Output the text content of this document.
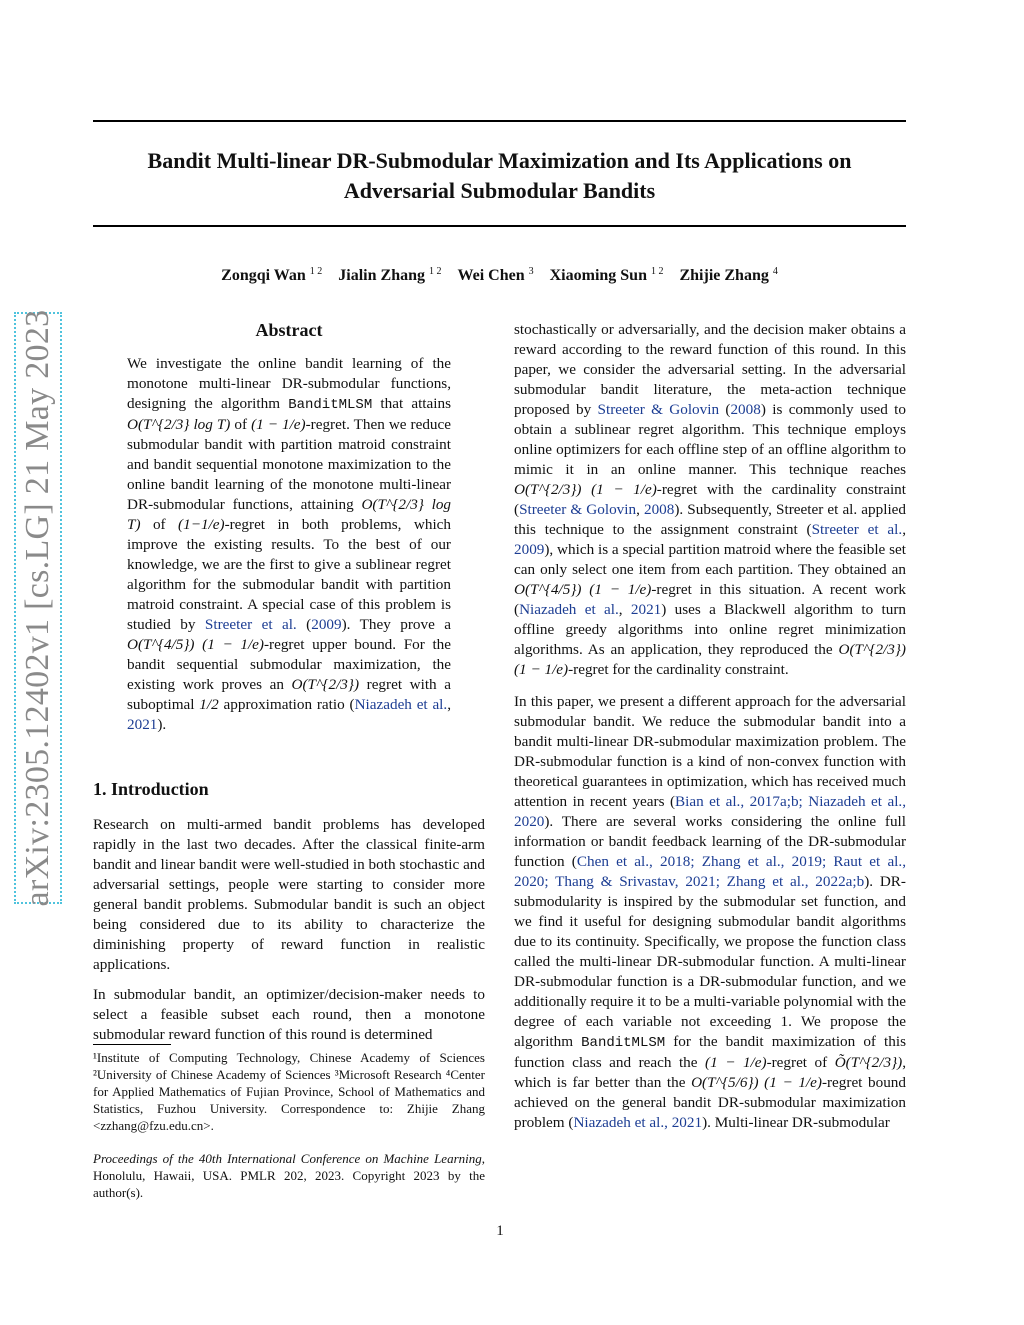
Bandit Multi-linear DR-Submodular Maximization and Its Applications on
Adversarial Submodular Bandits
Zongqi Wan $^{1 2}$ Jialin Zhang $^{1 2}$ Wei Chen $^3$ Xiaoming Sun $^{1 2}$ Zhijie Zhang $^4$
arXiv:2305.12402v1 [cs.LG] 21 May 2023	Abstract

We investigate the online bandit learning of the monotone multi-linear DR-submodular functions, designing the algorithm BanditMLSM that attains O(T^{2/3} log T) of (1 − 1/e)-regret. Then we reduce submodular bandit with partition matroid constraint and bandit sequential monotone maximization to the online bandit learning of the monotone multi-linear DR-submodular functions, attaining O(T^{2/3} log T) of (1−1/e)-regret in both problems, which improve the existing results. To the best of our knowledge, we are the first to give a sublinear regret algorithm for the submodular bandit with partition matroid constraint. A special case of this problem is studied by Streeter et al. (2009). They prove a O(T^{4/5}) (1 − 1/e)-regret upper bound. For the bandit sequential submodular maximization, the existing work proves an O(T^{2/3}) regret with a suboptimal 1/2 approximation ratio (Niazadeh et al., 2021).

1. Introduction

Research on multi-armed bandit problems has developed rapidly in the last two decades. After the classical finite-arm bandit and linear bandit were well-studied in both stochastic and adversarial settings, people were starting to consider more general bandit problems. Submodular bandit is such an object being considered due to its ability to characterize the diminishing property of reward function in realistic applications.

In submodular bandit, an optimizer/decision-maker needs to select a feasible subset each round, then a monotone submodular reward function of this round is determined

stochastically or adversarially, and the decision maker obtains a reward according to the reward function of this round. In this paper, we consider the adversarial setting. In the adversarial submodular bandit literature, the meta-action technique proposed by Streeter & Golovin (2008) is commonly used to obtain a sublinear regret algorithm. This technique employs online optimizers for each offline step of an offline algorithm to mimic it in an online manner. This technique reaches O(T^{2/3}) (1 − 1/e)-regret with the cardinality constraint (Streeter & Golovin, 2008). Subsequently, Streeter et al. applied this technique to the assignment constraint (Streeter et al., 2009), which is a special partition matroid where the feasible set can only select one item from each partition. They obtained an O(T^{4/5}) (1 − 1/e)-regret in this situation. A recent work (Niazadeh et al., 2021) uses a Blackwell algorithm to turn offline greedy algorithms into online regret minimization algorithms. As an application, they reproduced the O(T^{2/3}) (1 − 1/e)-regret for the cardinality constraint.

In this paper, we present a different approach for the adversarial submodular bandit. We reduce the submodular bandit into a bandit multi-linear DR-submodular maximization problem. The DR-submodular function is a kind of non-convex function with theoretical guarantees in optimization, which has received much attention in recent years (Bian et al., 2017a;b; Niazadeh et al., 2020). There are several works considering the online full information or bandit feedback learning of the DR-submodular function (Chen et al., 2018; Zhang et al., 2019; Raut et al., 2020; Thang & Srivastav, 2021; Zhang et al., 2022a;b). DR-submodularity is inspired by the submodular set function, and we find it useful for designing submodular bandit algorithms due to its continuity. Specifically, we propose the function class called the multi-linear DR-submodular function. A multi-linear DR-submodular function is a DR-submodular function, and we additionally require it to be a multi-variable polynomial with the degree of each variable not exceeding 1. We propose the algorithm BanditMLSM for the bandit maximization of this function class and reach the (1 − 1/e)-regret of Õ(T^{2/3}), which is far better than the O(T^{5/6}) (1 − 1/e)-regret bound achieved on the general bandit DR-submodular maximization problem (Niazadeh et al., 2021). Multi-linear DR-submodular

¹Institute of Computing Technology, Chinese Academy of Sciences ²University of Chinese Academy of Sciences ³Microsoft Research ⁴Center for Applied Mathematics of Fujian Province, School of Mathematics and Statistics, Fuzhou University. Correspondence to: Zhijie Zhang <zzhang@fzu.edu.cn>.

Proceedings of the 40th International Conference on Machine Learning, Honolulu, Hawaii, USA. PMLR 202, 2023. Copyright 2023 by the author(s).

1
